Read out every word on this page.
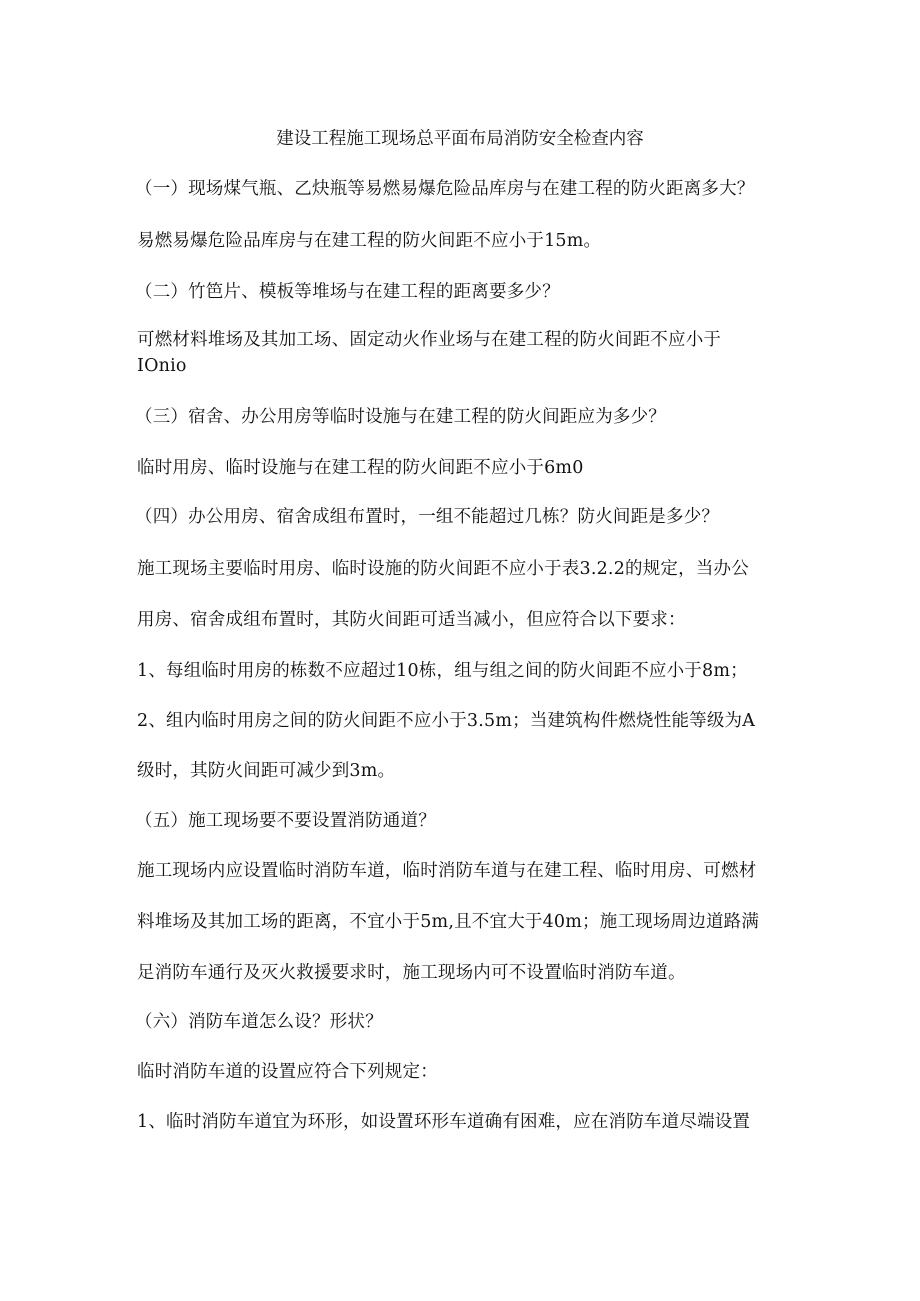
建设工程施工现场总平面布局消防安全检查内容
（一）现场煤气瓶、乙炔瓶等易燃易爆危险品库房与在建工程的防火距离多大？
易燃易爆危险品库房与在建工程的防火间距不应小于15m。
（二）竹笆片、模板等堆场与在建工程的距离要多少？
可燃材料堆场及其加工场、固定动火作业场与在建工程的防火间距不应小于
IOnio
（三）宿舍、办公用房等临时设施与在建工程的防火间距应为多少？
临时用房、临时设施与在建工程的防火间距不应小于6m0
（四）办公用房、宿舍成组布置时，一组不能超过几栋？防火间距是多少？
施工现场主要临时用房、临时设施的防火间距不应小于表3.2.2的规定，当办公
用房、宿舍成组布置时，其防火间距可适当减小，但应符合以下要求：
1、每组临时用房的栋数不应超过10栋，组与组之间的防火间距不应小于8m；
2、组内临时用房之间的防火间距不应小于3.5m；当建筑构件燃烧性能等级为A
级时，其防火间距可减少到3m。
（五）施工现场要不要设置消防通道？
施工现场内应设置临时消防车道，临时消防车道与在建工程、临时用房、可燃材
料堆场及其加工场的距离，不宜小于5m,且不宜大于40m；施工现场周边道路满
足消防车通行及灭火救援要求时，施工现场内可不设置临时消防车道。
（六）消防车道怎么设？形状？
临时消防车道的设置应符合下列规定：
1、临时消防车道宜为环形，如设置环形车道确有困难，应在消防车道尽端设置
